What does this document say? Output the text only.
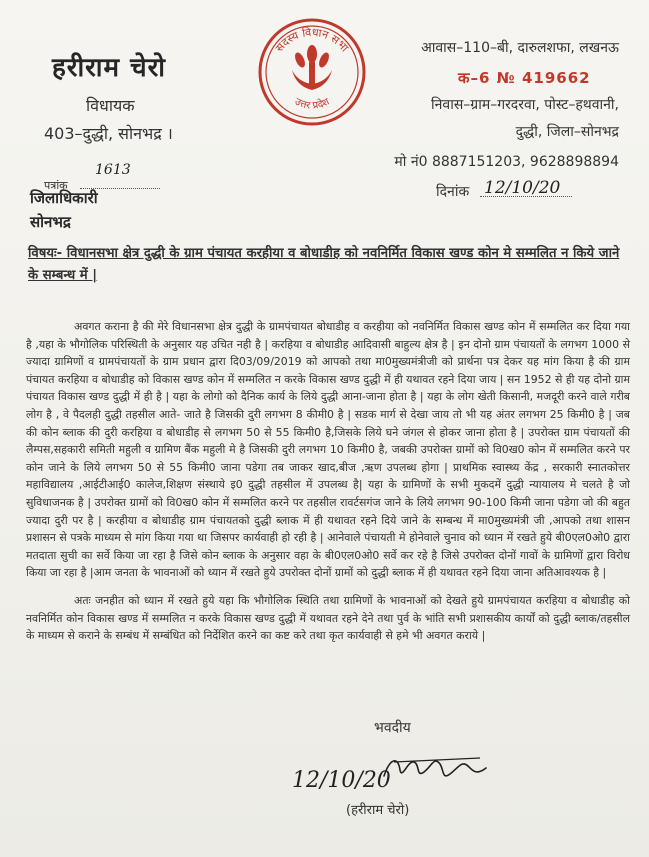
हरीराम चेरो
विधायक
403–दुद्धी, सोनभद्र ।
सदस्य विधान सभा
उत्तर प्रदेश
आवास–110–बी, दारुलशफा, लखनऊ
क–6 № 419662
निवास–ग्राम–गरदरवा, पोस्ट–हथवानी,
दुद्धी, जिला–सोनभद्र
मो नं0 8887151203, 9628898894
दिनांक 12/10/20
1613
पत्रांक
जिलाधिकारी
सोनभद्र
विषयः- विधानसभा क्षेत्र दुद्धी के ग्राम पंचायत करहीया व बोधाडीह को नवनिर्मित विकास खण्ड कोन मे सम्मलित न किये जाने के सम्बन्ध में |

अवगत कराना है की मेरे विधानसभा क्षेत्र दुद्धी के ग्रामपंचायत बोधाडीह व करहीया को नवनिर्मित विकास खण्ड कोन में सम्मलित कर दिया गया है ,यहा के भौगोलिक परिस्थिती के अनुसार यह उचित नही है | करहिया व बोधाडीह आदिवासी बाहुल्य क्षेत्र है | इन दोनो ग्राम पंचायतों के लगभग 1000 से ज्यादा ग्रामिणों व ग्रामपंचायतों के ग्राम प्रधान द्वारा दि03/09/2019 को आपको तथा मा0मुख्यमंत्रीजी को प्रार्थना पत्र देकर यह मांग किया है की ग्राम पंचायत करहिया व बोधाडीह को विकास खण्ड कोन में सम्मलित न करके विकास खण्ड दुद्धी में ही यथावत रहने दिया जाय | सन 1952 से ही यह दोनो ग्राम पंचायत विकास खण्ड दुद्धी में ही है | यहा के लोगो को दैनिक कार्य के लिये दुद्धी आना-जाना होता है | यहा के लोग खेती किसानी, मजदूरी करने वाले गरीब लोग है , वे पैदलही दुद्धी तहसील आते- जाते है जिसकी दुरी लगभग 8 कीमी0 है | सडक मार्ग से देखा जाय तो भी यह अंतर लगभग 25 किमी0 है | जब की कोन ब्लाक की दुरी करहिया व बोधाडीह से लगभग 50 से 55 किमी0 है,जिसके लिये घने जंगल से होकर जाना होता है | उपरोक्त ग्राम पंचायतों की लैम्पस,सहकारी समिती महुली व ग्रामिण बैंक महुली मे है जिसकी दुरी लगभग 10 किमी0 है, जबकी उपरोक्त ग्रामों को वि0ख0 कोन में सम्मलित करने पर कोन जाने के लिये लगभग 50 से 55 किमी0 जाना पडेगा तब जाकर खाद,बीज ,ऋण उपलब्ध होगा | प्राथमिक स्वास्थ्य केंद्र , सरकारी स्नातकोत्तर महाविद्यालय ,आईटीआई0 कालेज,शिक्षण संस्थाये इ0 दुद्धी तहसील में उपलब्ध है| यहा के ग्रामिणों के सभी मुकदमें दुद्धी न्यायालय मे चलते है जो सुविधाजनक है | उपरोक्त ग्रामों को वि0ख0 कोन में सम्मलित करने पर तहसील रावर्टसगंज जाने के लिये लगभग 90-100 किमी जाना पडेगा जो की बहुत ज्यादा दुरी पर है | करहीया व बोधाडीह ग्राम पंचायतको दुद्धी ब्लाक में ही यथावत रहने दिये जाने के सम्बन्ध में मा0मुख्यमंत्री जी ,आपको तथा शासन प्रशासन से पत्रके माध्यम से मांग किया गया था जिसपर कार्यवाही हो रही है | आनेवाले पंचायती मे होनेवाले चुनाव को ध्यान में रखते हुये बी0एल0ओ0 द्वारा मतदाता सुची का सर्वे किया जा रहा है जिसे कोन ब्लाक के अनुसार वहा के बी0एल0ओ0 सर्वे कर रहे है जिसे उपरोक्त दोनों गावों के ग्रामिणों द्वारा विरोध किया जा रहा है |आम जनता के भावनाओं को ध्यान में रखते हुये उपरोक्त दोनों ग्रामों को दुद्धी ब्लाक में ही यथावत रहने दिया जाना अतिआवश्यक है |

अतः जनहीत को ध्यान में रखते हुये यहा कि भौगोलिक स्थिति तथा ग्रामिणों के भावनाओं को देखते हुये ग्रामपंचायत करहिया व बोधाडीह को नवनिर्मित कोन विकास खण्ड में सम्मलित न करके विकास खण्ड दुद्धी में यथावत रहने देने तथा पुर्व के भांति सभी प्रशासकीय कार्यों को दुद्धी ब्लाक/तहसील के माध्यम से कराने के सम्बंध में सम्बंधित को निर्देशित करने का कष्ट करे तथा कृत कार्यवाही से हमे भी अवगत कराये |

भवदीय
12/10/20
(हरीराम चेरो)
